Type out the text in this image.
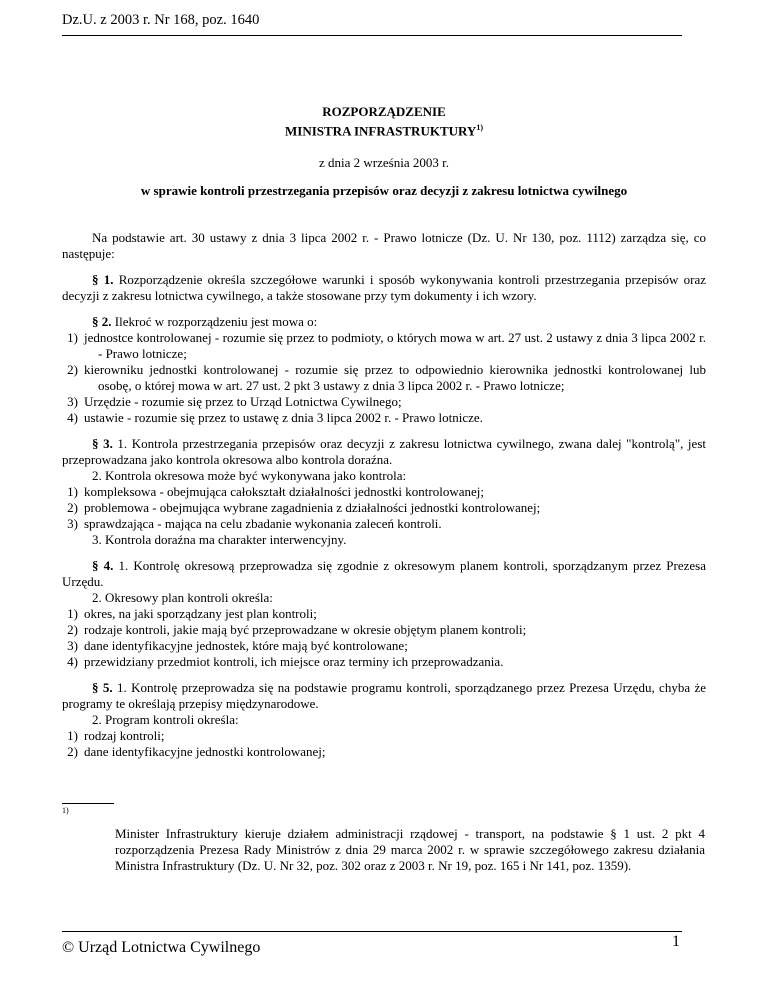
Dz.U. z 2003 r. Nr 168, poz. 1640
ROZPORZĄDZENIE
MINISTRA INFRASTRUKTURY$^{1)}$
z dnia 2 września 2003 r.
w sprawie kontroli przestrzegania przepisów oraz decyzji z zakresu lotnictwa cywilnego

Na podstawie art. 30 ustawy z dnia 3 lipca 2002 r. - Prawo lotnicze (Dz. U. Nr 130, poz. 1112) zarządza się, co następuje:

§ 1. Rozporządzenie określa szczegółowe warunki i sposób wykonywania kontroli przestrzegania przepisów oraz decyzji z zakresu lotnictwa cywilnego, a także stosowane przy tym dokumenty i ich wzory.

§ 2. Ilekroć w rozporządzeniu jest mowa o:

1) jednostce kontrolowanej - rozumie się przez to podmioty, o których mowa w art. 27 ust. 2 ustawy z dnia 3 lipca 2002 r. - Prawo lotnicze;
2) kierowniku jednostki kontrolowanej - rozumie się przez to odpowiednio kierownika jednostki kontrolowanej lub osobę, o której mowa w art. 27 ust. 2 pkt 3 ustawy z dnia 3 lipca 2002 r. - Prawo lotnicze;
3) Urzędzie - rozumie się przez to Urząd Lotnictwa Cywilnego;
4) ustawie - rozumie się przez to ustawę z dnia 3 lipca 2002 r. - Prawo lotnicze.

§ 3. 1. Kontrola przestrzegania przepisów oraz decyzji z zakresu lotnictwa cywilnego, zwana dalej "kontrolą", jest przeprowadzana jako kontrola okresowa albo kontrola doraźna.

2. Kontrola okresowa może być wykonywana jako kontrola:

1) kompleksowa - obejmująca całokształt działalności jednostki kontrolowanej;
2) problemowa - obejmująca wybrane zagadnienia z działalności jednostki kontrolowanej;
3) sprawdzająca - mająca na celu zbadanie wykonania zaleceń kontroli.

3. Kontrola doraźna ma charakter interwencyjny.

§ 4. 1. Kontrolę okresową przeprowadza się zgodnie z okresowym planem kontroli, sporządzanym przez Prezesa Urzędu.

2. Okresowy plan kontroli określa:

1) okres, na jaki sporządzany jest plan kontroli;
2) rodzaje kontroli, jakie mają być przeprowadzane w okresie objętym planem kontroli;
3) dane identyfikacyjne jednostek, które mają być kontrolowane;
4) przewidziany przedmiot kontroli, ich miejsce oraz terminy ich przeprowadzania.

§ 5. 1. Kontrolę przeprowadza się na podstawie programu kontroli, sporządzanego przez Prezesa Urzędu, chyba że programy te określają przepisy międzynarodowe.

2. Program kontroli określa:

1) rodzaj kontroli;
2) dane identyfikacyjne jednostki kontrolowanej;
1)
Minister Infrastruktury kieruje działem administracji rządowej - transport, na podstawie § 1 ust. 2 pkt 4 rozporządzenia Prezesa Rady Ministrów z dnia 29 marca 2002 r. w sprawie szczegółowego zakresu działania Ministra Infrastruktury (Dz. U. Nr 32, poz. 302 oraz z 2003 r. Nr 19, poz. 165 i Nr 141, poz. 1359).
© Urząd Lotnictwa Cywilnego	1
